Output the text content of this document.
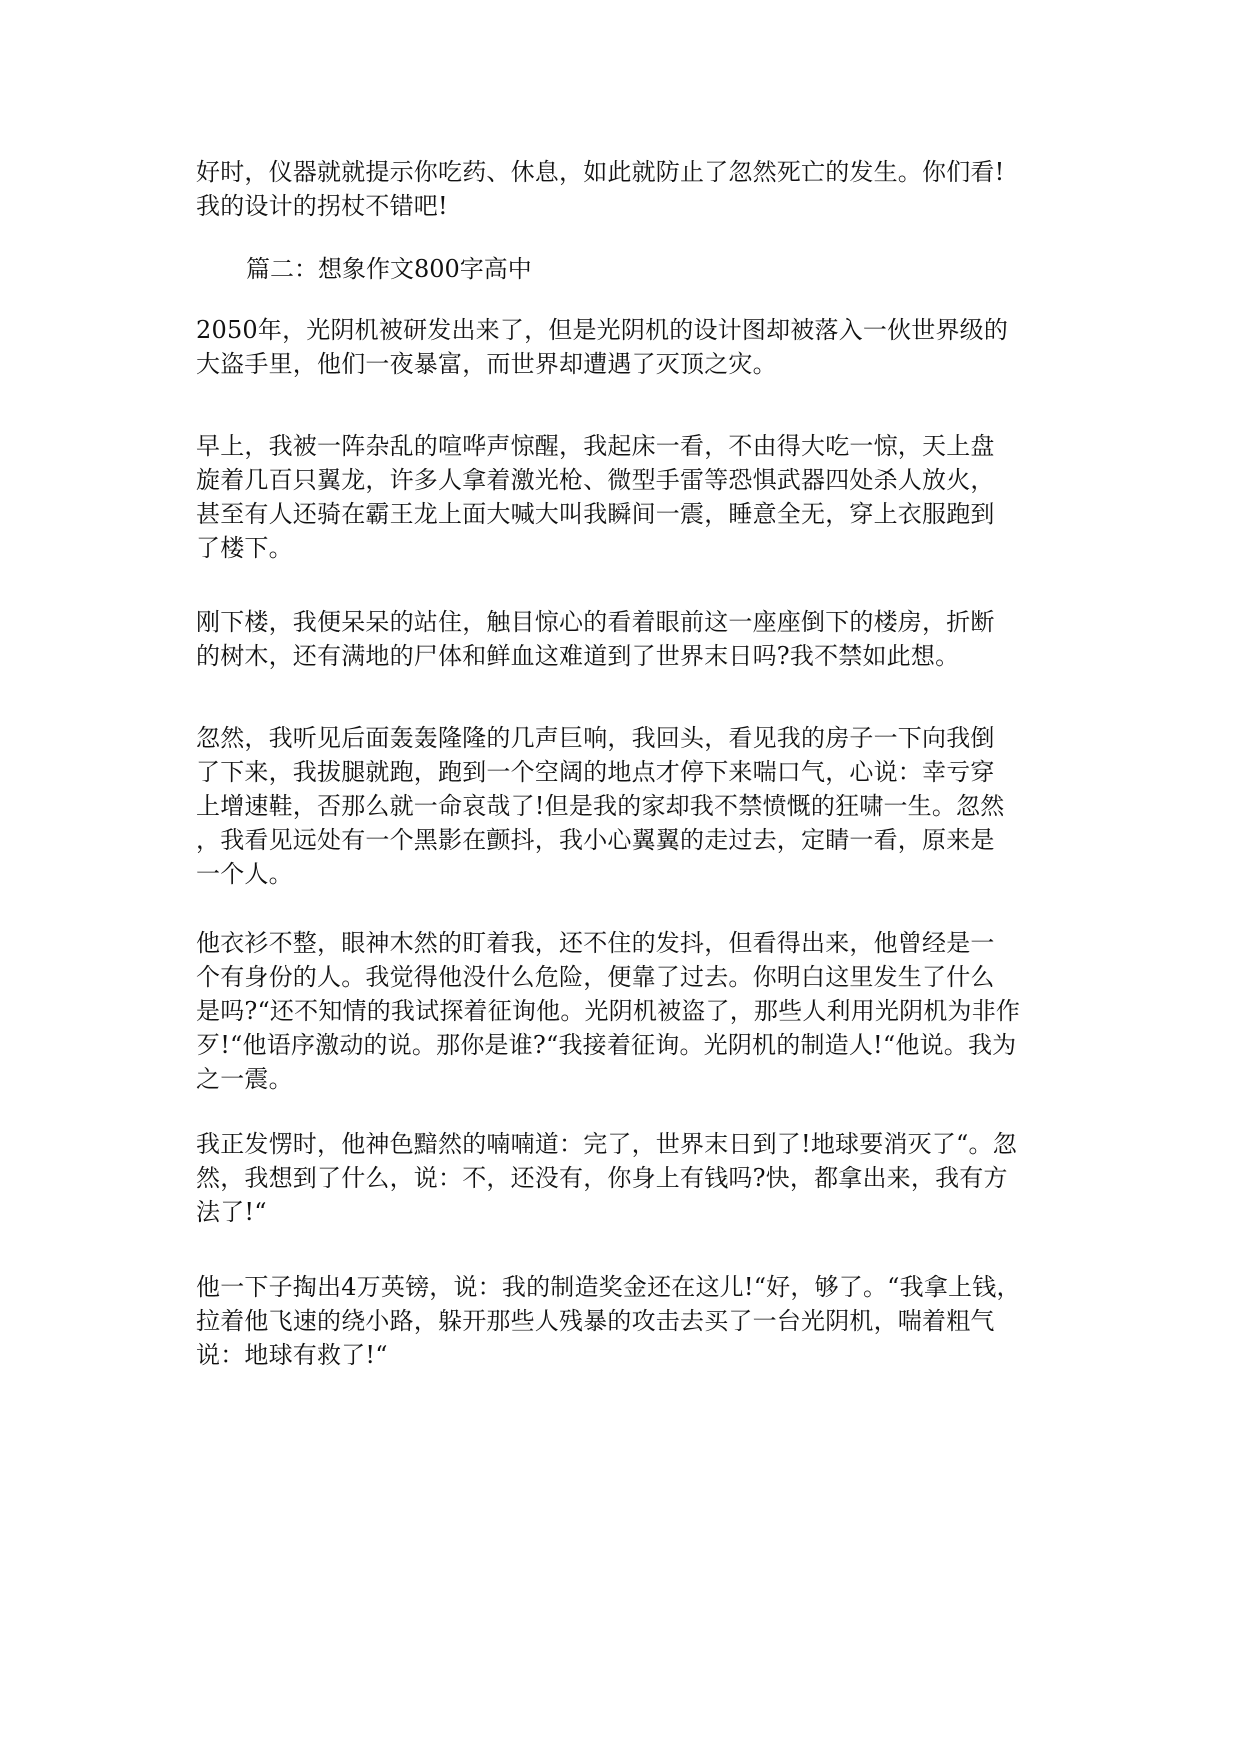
好时，仪器就就提示你吃药、休息，如此就防止了忽然死亡的发生。你们看!
我的设计的拐杖不错吧!

篇二：想象作文800字高中

2050年，光阴机被研发出来了，但是光阴机的设计图却被落入一伙世界级的
大盗手里，他们一夜暴富，而世界却遭遇了灭顶之灾。

早上，我被一阵杂乱的喧哗声惊醒，我起床一看，不由得大吃一惊，天上盘
旋着几百只翼龙，许多人拿着激光枪、微型手雷等恐惧武器四处杀人放火，
甚至有人还骑在霸王龙上面大喊大叫我瞬间一震，睡意全无，穿上衣服跑到
了楼下。

刚下楼，我便呆呆的站住，触目惊心的看着眼前这一座座倒下的楼房，折断
的树木，还有满地的尸体和鲜血这难道到了世界末日吗?我不禁如此想。

忽然，我听见后面轰轰隆隆的几声巨响，我回头，看见我的房子一下向我倒
了下来，我拔腿就跑，跑到一个空阔的地点才停下来喘口气，心说：幸亏穿
上增速鞋，否那么就一命哀哉了!但是我的家却我不禁愤慨的狂啸一生。忽然
，我看见远处有一个黑影在颤抖，我小心翼翼的走过去，定睛一看，原来是
一个人。

他衣衫不整，眼神木然的盯着我，还不住的发抖，但看得出来，他曾经是一
个有身份的人。我觉得他没什么危险，便靠了过去。你明白这里发生了什么
是吗?“还不知情的我试探着征询他。光阴机被盗了，那些人利用光阴机为非作
歹!“他语序激动的说。那你是谁?“我接着征询。光阴机的制造人!“他说。我为
之一震。

我正发愣时，他神色黯然的喃喃道：完了，世界末日到了!地球要消灭了“。忽
然，我想到了什么，说：不，还没有，你身上有钱吗?快，都拿出来，我有方
法了!“

他一下子掏出4万英镑，说：我的制造奖金还在这儿!“好，够了。“我拿上钱，
拉着他飞速的绕小路，躲开那些人残暴的攻击去买了一台光阴机，喘着粗气
说：地球有救了!“
